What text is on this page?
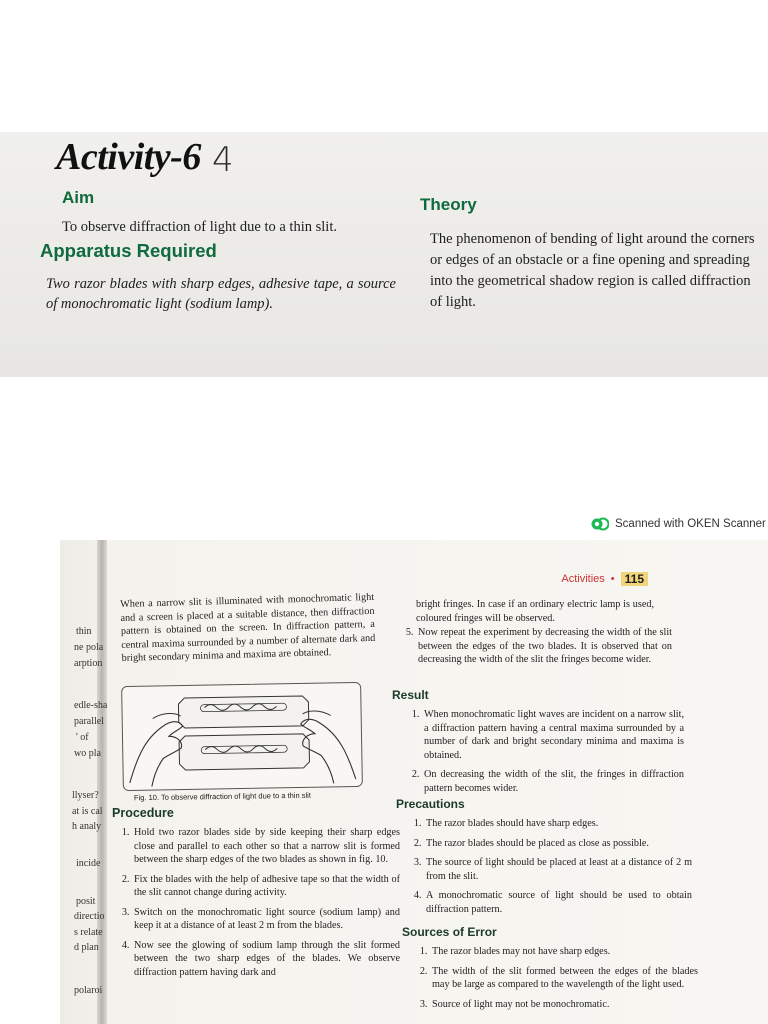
Activity-6 4
Aim
To observe diffraction of light due to a thin slit.
Apparatus Required
Two razor blades with sharp edges, adhesive tape, a source of monochromatic light (sodium lamp).
Theory
The phenomenon of bending of light around the corners or edges of an obstacle or a fine opening and spreading into the geometrical shadow region is called diffraction of light.
Scanned with OKEN Scanner
thin
ne pola
arption
edle-sha
parallel
' of
wo pla
llyser?
at is cal
h analy
incide
posit
directio
s relate
d plan
polaroi
Activities • 115
When a narrow slit is illuminated with monochromatic light and a screen is placed at a suitable distance, then diffraction pattern is obtained on the screen. In diffraction pattern, a central maxima surrounded by a number of alternate dark and bright secondary minima and maxima are obtained.
Fig. 10. To observe diffraction of light due to a thin slit
Procedure
1. Hold two razor blades side by side keeping their sharp edges close and parallel to each other so that a narrow slit is formed between the sharp edges of the two blades as shown in fig. 10.
2. Fix the blades with the help of adhesive tape so that the width of the slit cannot change during activity.
3. Switch on the monochromatic light source (sodium lamp) and keep it at a distance of at least 2 m from the blades.
4. Now see the glowing of sodium lamp through the slit formed between the two sharp edges of the blades. We observe diffraction pattern having dark and
bright fringes. In case if an ordinary electric lamp is used, coloured fringes will be observed.
5. Now repeat the experiment by decreasing the width of the slit between the edges of the two blades. It is observed that on decreasing the width of the slit the fringes become wider.
Result
1. When monochromatic light waves are incident on a narrow slit, a diffraction pattern having a central maxima surrounded by a number of dark and bright secondary minima and maxima is obtained.
2. On decreasing the width of the slit, the fringes in diffraction pattern becomes wider.
Precautions
1. The razor blades should have sharp edges.
2. The razor blades should be placed as close as possible.
3. The source of light should be placed at least at a distance of 2 m from the slit.
4. A monochromatic source of light should be used to obtain diffraction pattern.
Sources of Error
1. The razor blades may not have sharp edges.
2. The width of the slit formed between the edges of the blades may be large as compared to the wavelength of the light used.
3. Source of light may not be monochromatic.
